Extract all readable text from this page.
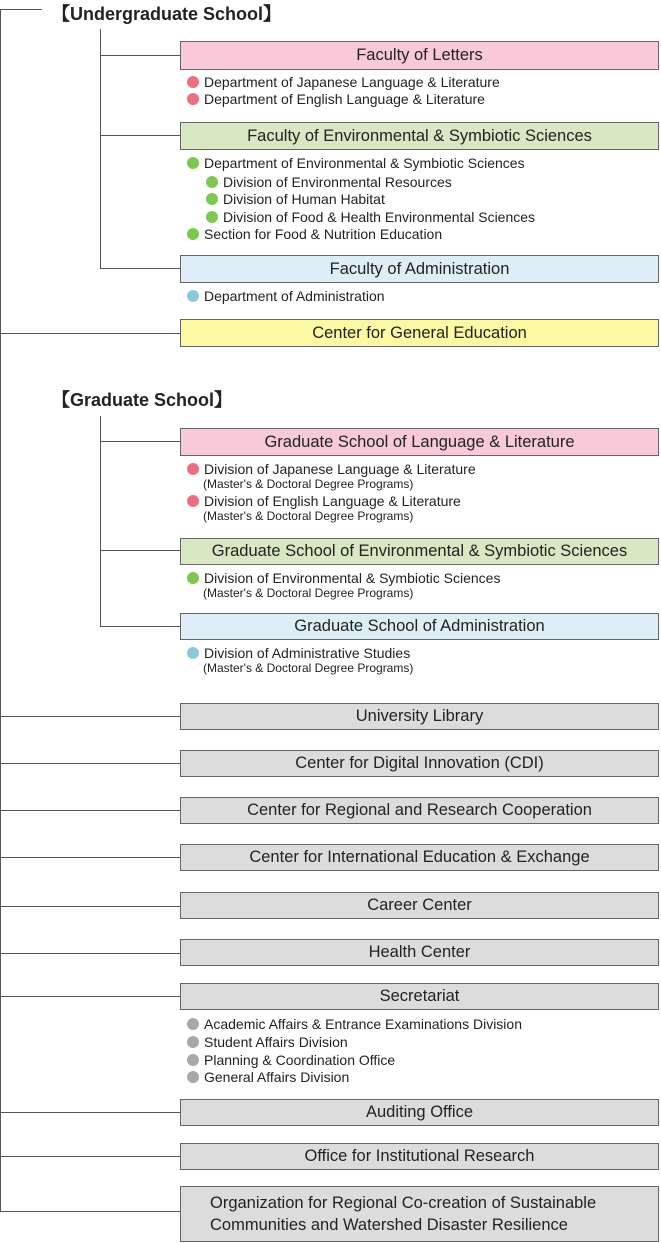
【Undergraduate School】
Faculty of Letters
Department of Japanese Language & Literature
Department of English Language & Literature
Faculty of Environmental & Symbiotic Sciences
Department of Environmental & Symbiotic Sciences
Division of Environmental Resources
Division of Human Habitat
Division of Food & Health Environmental Sciences
Section for Food & Nutrition Education
Faculty of Administration
Department of Administration
Center for General Education
【Graduate School】
Graduate School of Language & Literature
Division of Japanese Language & Literature
(Master's & Doctoral Degree Programs)
Division of English Language & Literature
(Master's & Doctoral Degree Programs)
Graduate School of Environmental & Symbiotic Sciences
Division of Environmental & Symbiotic Sciences
(Master's & Doctoral Degree Programs)
Graduate School of Administration
Division of Administrative Studies
(Master's & Doctoral Degree Programs)
University Library
Center for Digital Innovation (CDI)
Center for Regional and Research Cooperation
Center for International Education & Exchange
Career Center
Health Center
Secretariat
Academic Affairs & Entrance Examinations Division
Student Affairs Division
Planning & Coordination Office
General Affairs Division
Auditing Office
Office for Institutional Research
Organization for Regional Co-creation of Sustainable
Communities and Watershed Disaster Resilience
